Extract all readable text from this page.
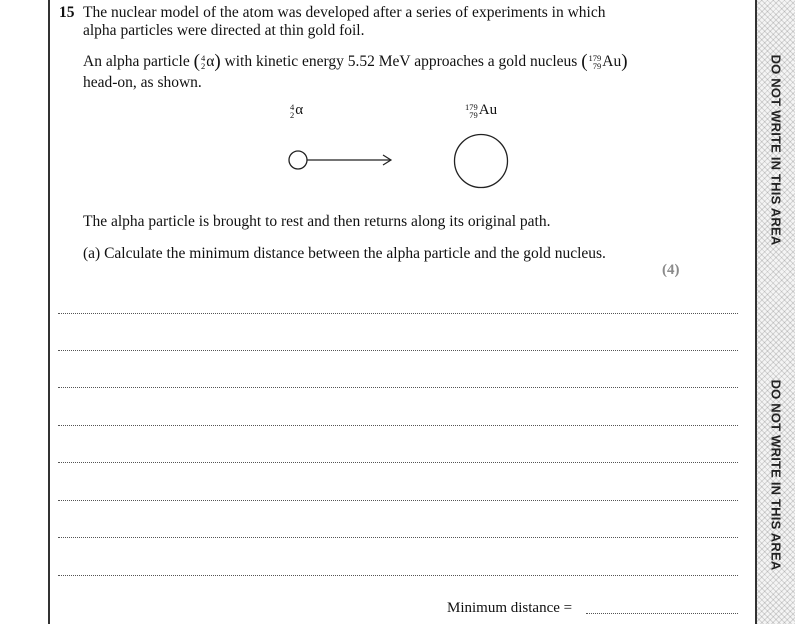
DO NOT WRITE IN THIS AREA
DO NOT WRITE IN THIS AREA
15 The nuclear model of the atom was developed after a series of experiments in which
alpha particles were directed at thin gold foil.
An alpha particle ( 4
2 α) with kinetic energy 5.52 MeV approaches a gold nucleus ( 179
79 Au)
head-on, as shown.
4
2 α	179
79 Au
The alpha particle is brought to rest and then returns along its original path.
(a) Calculate the minimum distance between the alpha particle and the gold nucleus.
(4)
Minimum distance =
